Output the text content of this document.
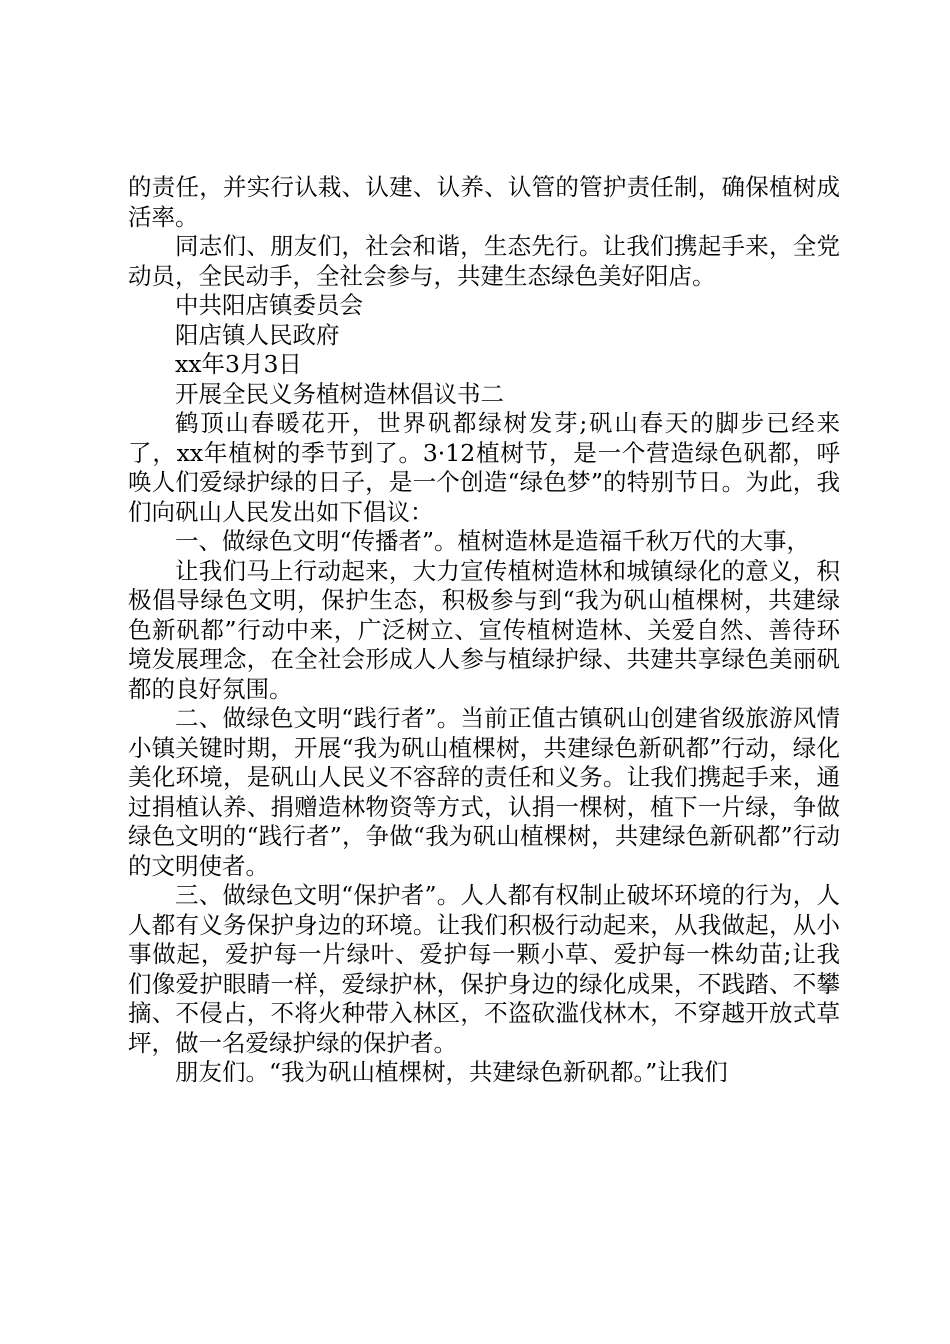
的责任，并实行认栽、认建、认养、认管的管护责任制，确保植树成活率。

同志们、朋友们，社会和谐，生态先行。让我们携起手来，全党动员，全民动手，全社会参与，共建生态绿色美好阳店。

中共阳店镇委员会

阳店镇人民政府

xx年3月3日

开展全民义务植树造林倡议书二

鹤顶山春暖花开，世界矾都绿树发芽;矾山春天的脚步已经来了，xx年植树的季节到了。3·12植树节，是一个营造绿色矾都，呼唤人们爱绿护绿的日子，是一个创造“绿色梦”的特别节日。为此，我们向矾山人民发出如下倡议：

一、做绿色文明“传播者”。植树造林是造福千秋万代的大事，

让我们马上行动起来，大力宣传植树造林和城镇绿化的意义，积极倡导绿色文明，保护生态，积极参与到“我为矾山植棵树，共建绿色新矾都”行动中来，广泛树立、宣传植树造林、关爱自然、善待环境发展理念，在全社会形成人人参与植绿护绿、共建共享绿色美丽矾都的良好氛围。

二、做绿色文明“践行者”。当前正值古镇矾山创建省级旅游风情小镇关键时期，开展“我为矾山植棵树，共建绿色新矾都”行动，绿化美化环境，是矾山人民义不容辞的责任和义务。让我们携起手来，通过捐植认养、捐赠造林物资等方式，认捐一棵树，植下一片绿，争做绿色文明的“践行者”，争做“我为矾山植棵树，共建绿色新矾都”行动的文明使者。

三、做绿色文明“保护者”。人人都有权制止破坏环境的行为，人人都有义务保护身边的环境。让我们积极行动起来，从我做起，从小事做起，爱护每一片绿叶、爱护每一颗小草、爱护每一株幼苗;让我们像爱护眼睛一样，爱绿护林，保护身边的绿化成果，不践踏、不攀摘、不侵占，不将火种带入林区，不盗砍滥伐林木，不穿越开放式草坪，做一名爱绿护绿的保护者。

朋友们。“我为矾山植棵树，共建绿色新矾都。”让我们
